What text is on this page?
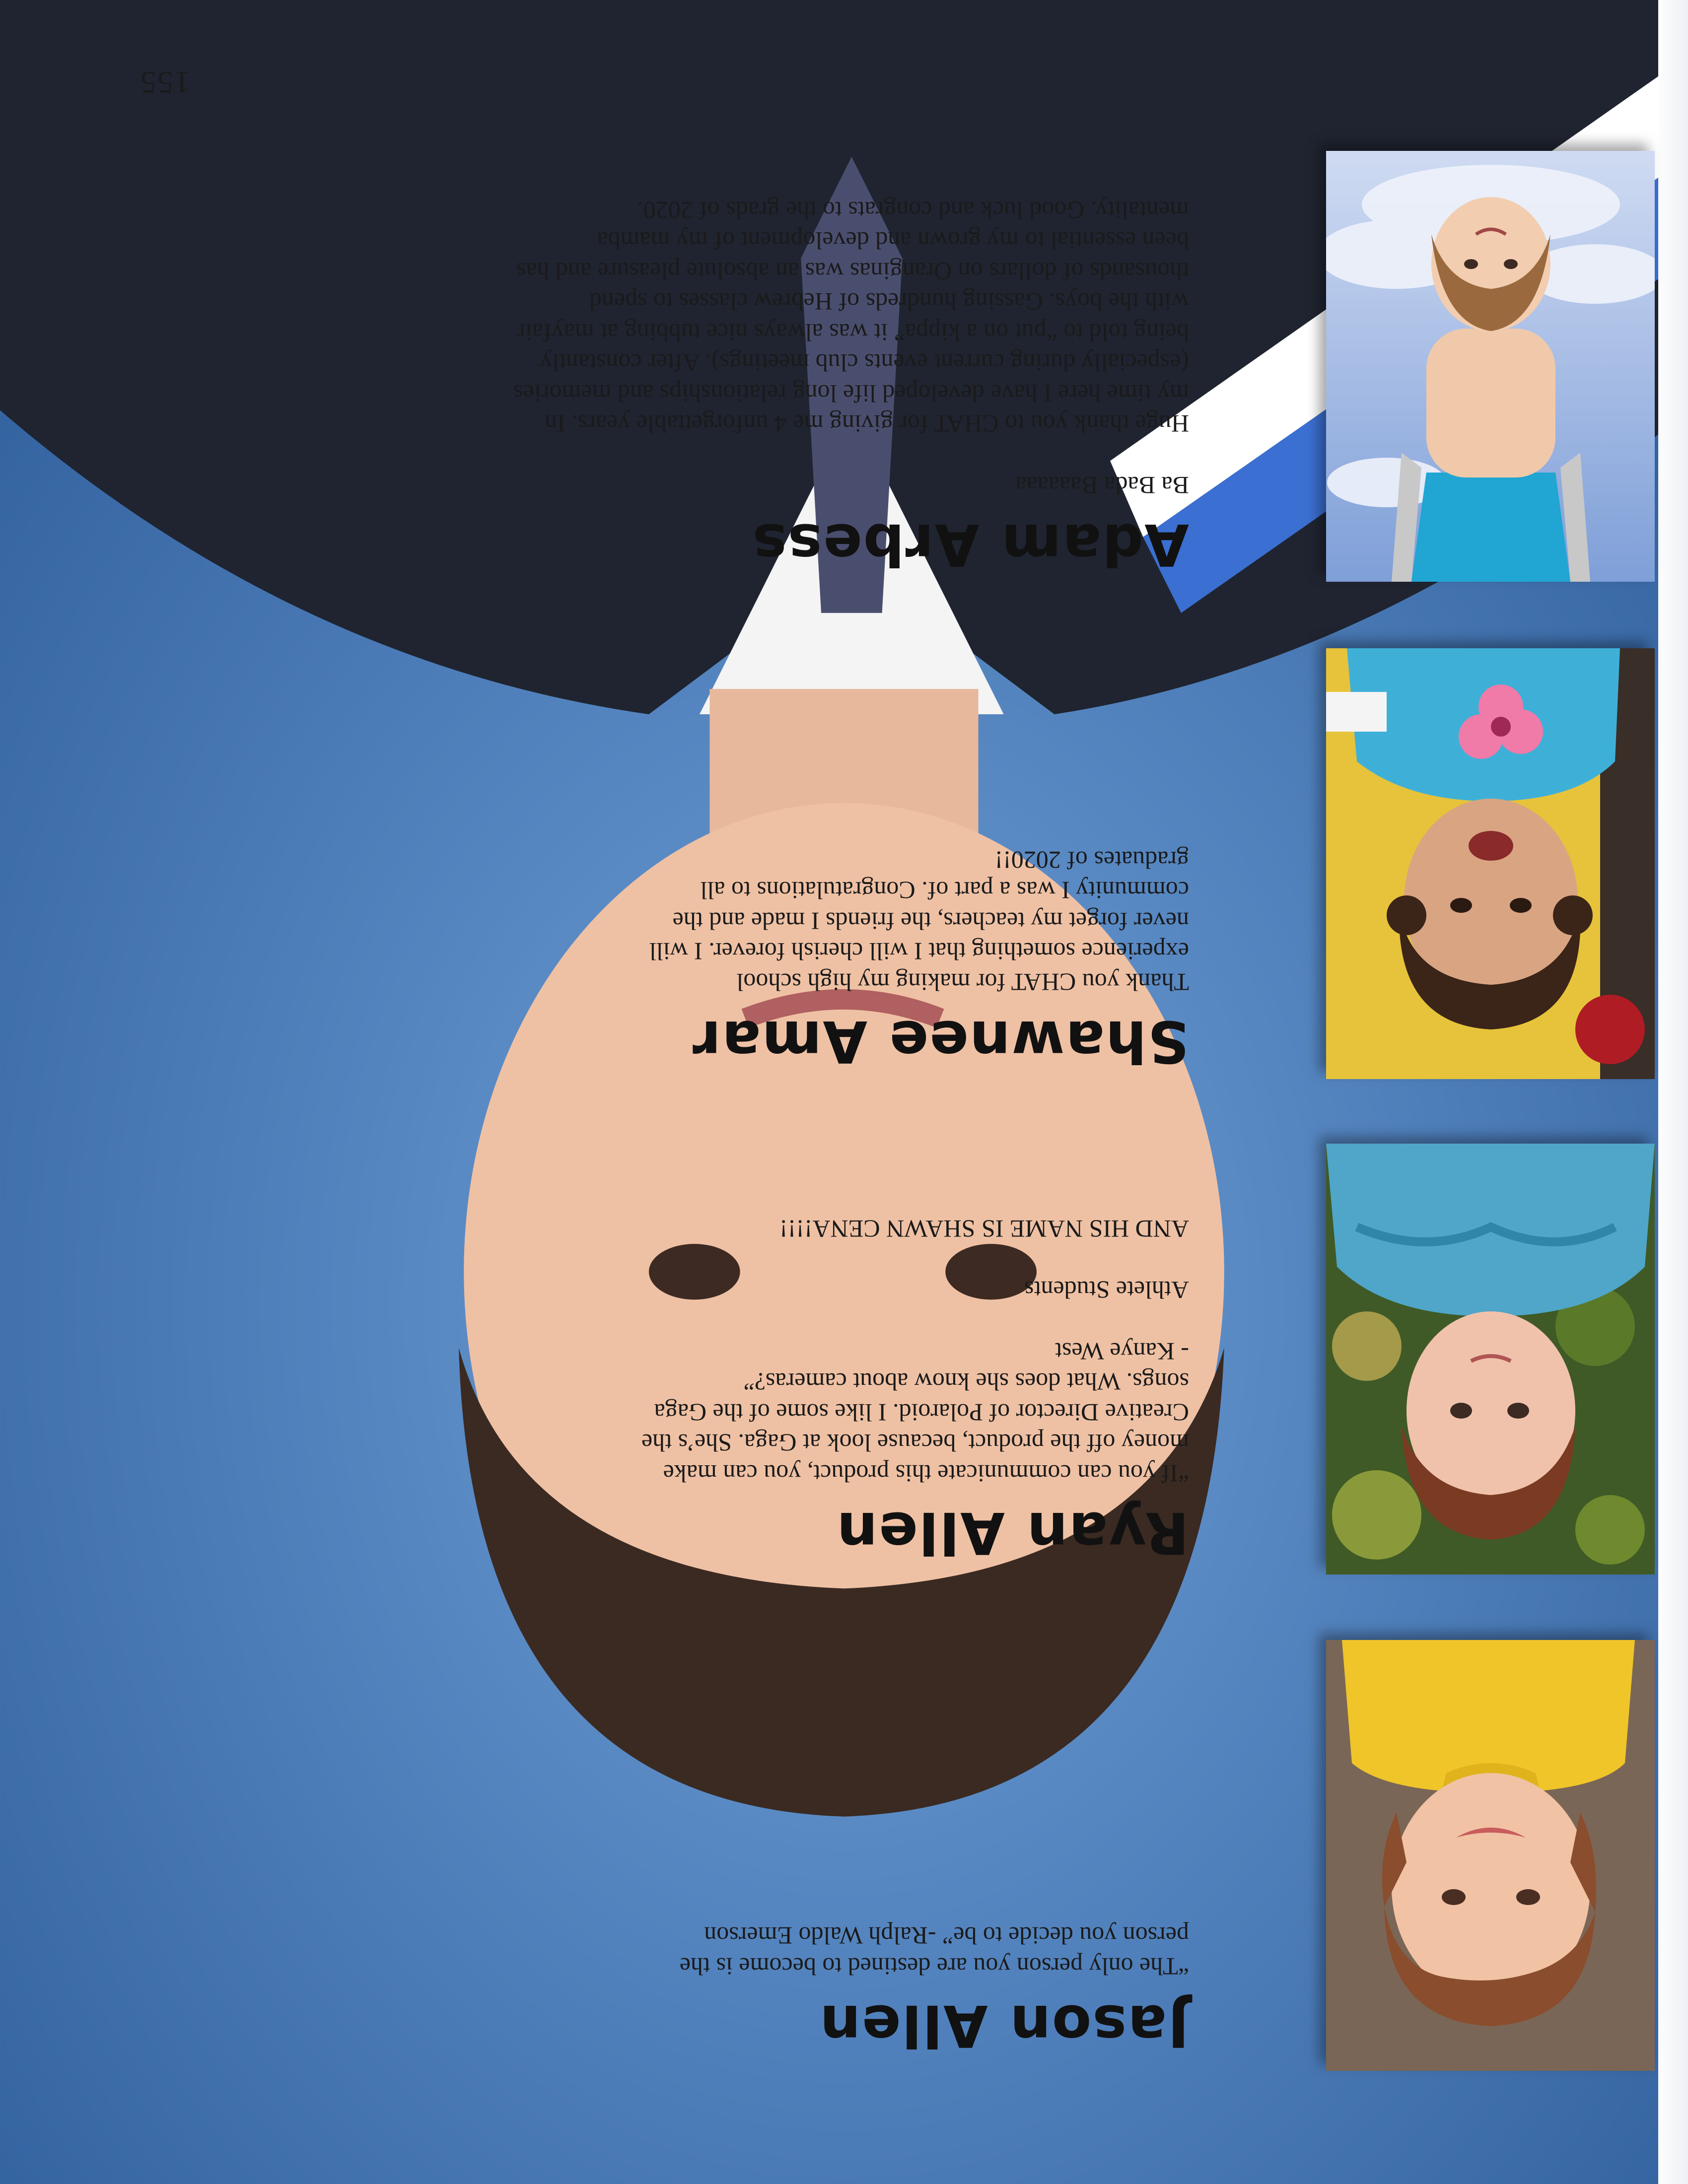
155
Jason Allen

“The only person you are destined to become is the
person you decide to be” -Ralph Waldo Emerson

Ryan Allen

“If you can communicate this product, you can make
money off the product, because look at Gaga. She’s the
Creative Director of Polaroid. I like some of the Gaga
songs. What does she know about cameras?”
- Kanye West

Athlete Students

AND HIS NAME IS SHAWN CENA!!!!

Shawnee Amar

Thank you CHAT for making my high school
experience something that I will cherish forever. I will
never forget my teachers, the friends I made and the
community I was a part of. Congratulations to all
graduates of 2020!!

Adam Arbess

Ba Bada Baaaaaa

Huge thank you to CHAT for giving me 4 unforgettable years. In
my time here I have developed life long relationships and memories
(especially during current events club meetings). After constantly
being told to “put on a kippa” it was always nice tubbing at mayfair
with the boys. Gassing hundreds of Hebrew classes to spend
thousands of dollars on Oranginas was an absolute pleasure and has
been essential to my grown and development of my mamba
mentality. Good luck and congrats to the grads of 2020.
